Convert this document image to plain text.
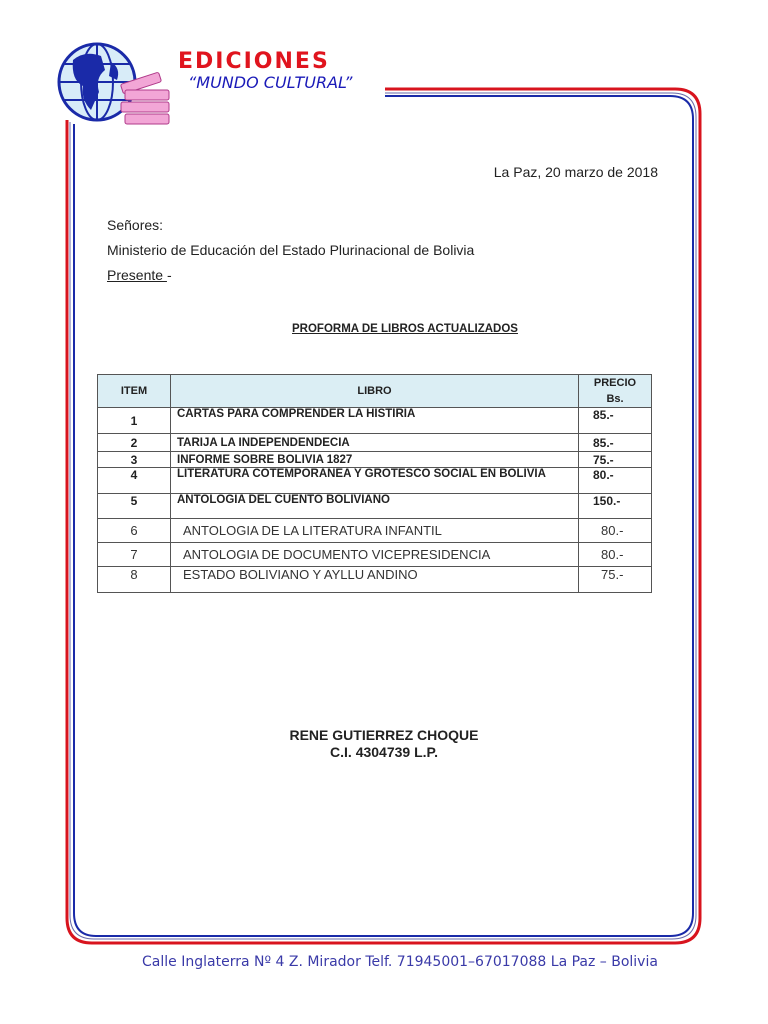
EDICIONES
“MUNDO CULTURAL”
La Paz, 20 marzo de 2018
Señores:
Ministerio de Educación del Estado Plurinacional de Bolivia
Presente -
PROFORMA DE LIBROS ACTUALIZADOS
ITEM	LIBRO	PRECIO
Bs.

1	CARTAS PARA COMPRENDER LA HISTIRIA	85.-
2	TARIJA LA INDEPENDENDECIA	85.-
3	INFORME SOBRE BOLIVIA 1827	75.-
4	LITERATURA COTEMPORANEA Y GROTESCO SOCIAL EN BOLIVIA	80.-
5	ANTOLOGIA DEL CUENTO BOLIVIANO	150.-
6	ANTOLOGIA DE LA LITERATURA INFANTIL	80.-
7	ANTOLOGIA DE DOCUMENTO VICEPRESIDENCIA	80.-
8	ESTADO BOLIVIANO Y AYLLU ANDINO	75.-
RENE GUTIERREZ CHOQUE
C.I. 4304739 L.P.
Calle Inglaterra Nº 4 Z. Mirador Telf. 71945001–67017088 La Paz – Bolivia
